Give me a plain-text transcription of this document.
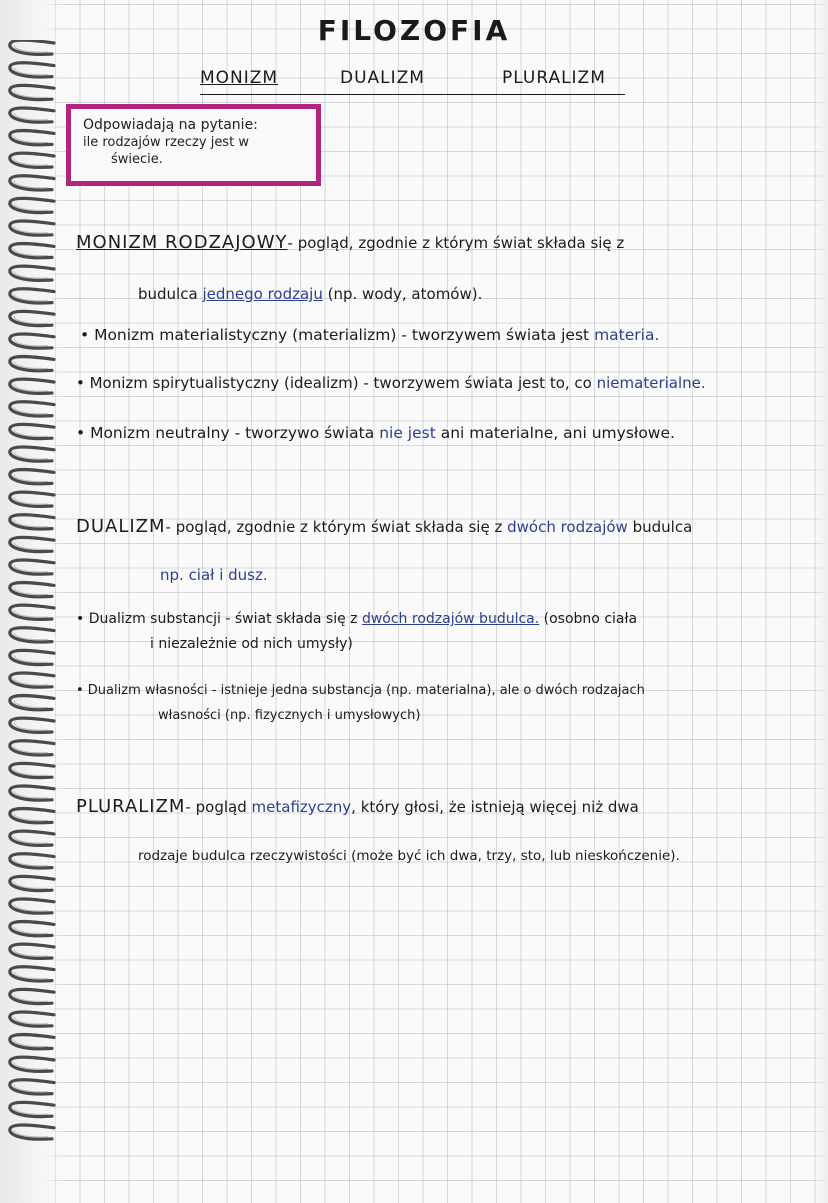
FILOZOFIA
MONIZM	DUALIZM	PLURALIZM
Odpowiadają na pytanie:
ile rodzajów rzeczy jest w
świecie.
MONIZM RODZAJOWY- pogląd, zgodnie z którym świat składa się z
budulca jednego rodzaju (np. wody, atomów).
• Monizm materialistyczny (materializm) - tworzywem świata jest materia.
• Monizm spirytualistyczny (idealizm) - tworzywem świata jest to, co niematerialne.
• Monizm neutralny - tworzywo świata nie jest ani materialne, ani umysłowe.
DUALIZM- pogląd, zgodnie z którym świat składa się z dwóch rodzajów budulca
np. ciał i dusz.
• Dualizm substancji - świat składa się z dwóch rodzajów budulca. (osobno ciała
i niezależnie od nich umysły)
• Dualizm własności - istnieje jedna substancja (np. materialna), ale o dwóch rodzajach
własności (np. fizycznych i umysłowych)
PLURALIZM- pogląd metafizyczny, który głosi, że istnieją więcej niż dwa
rodzaje budulca rzeczywistości (może być ich dwa, trzy, sto, lub nieskończenie).
